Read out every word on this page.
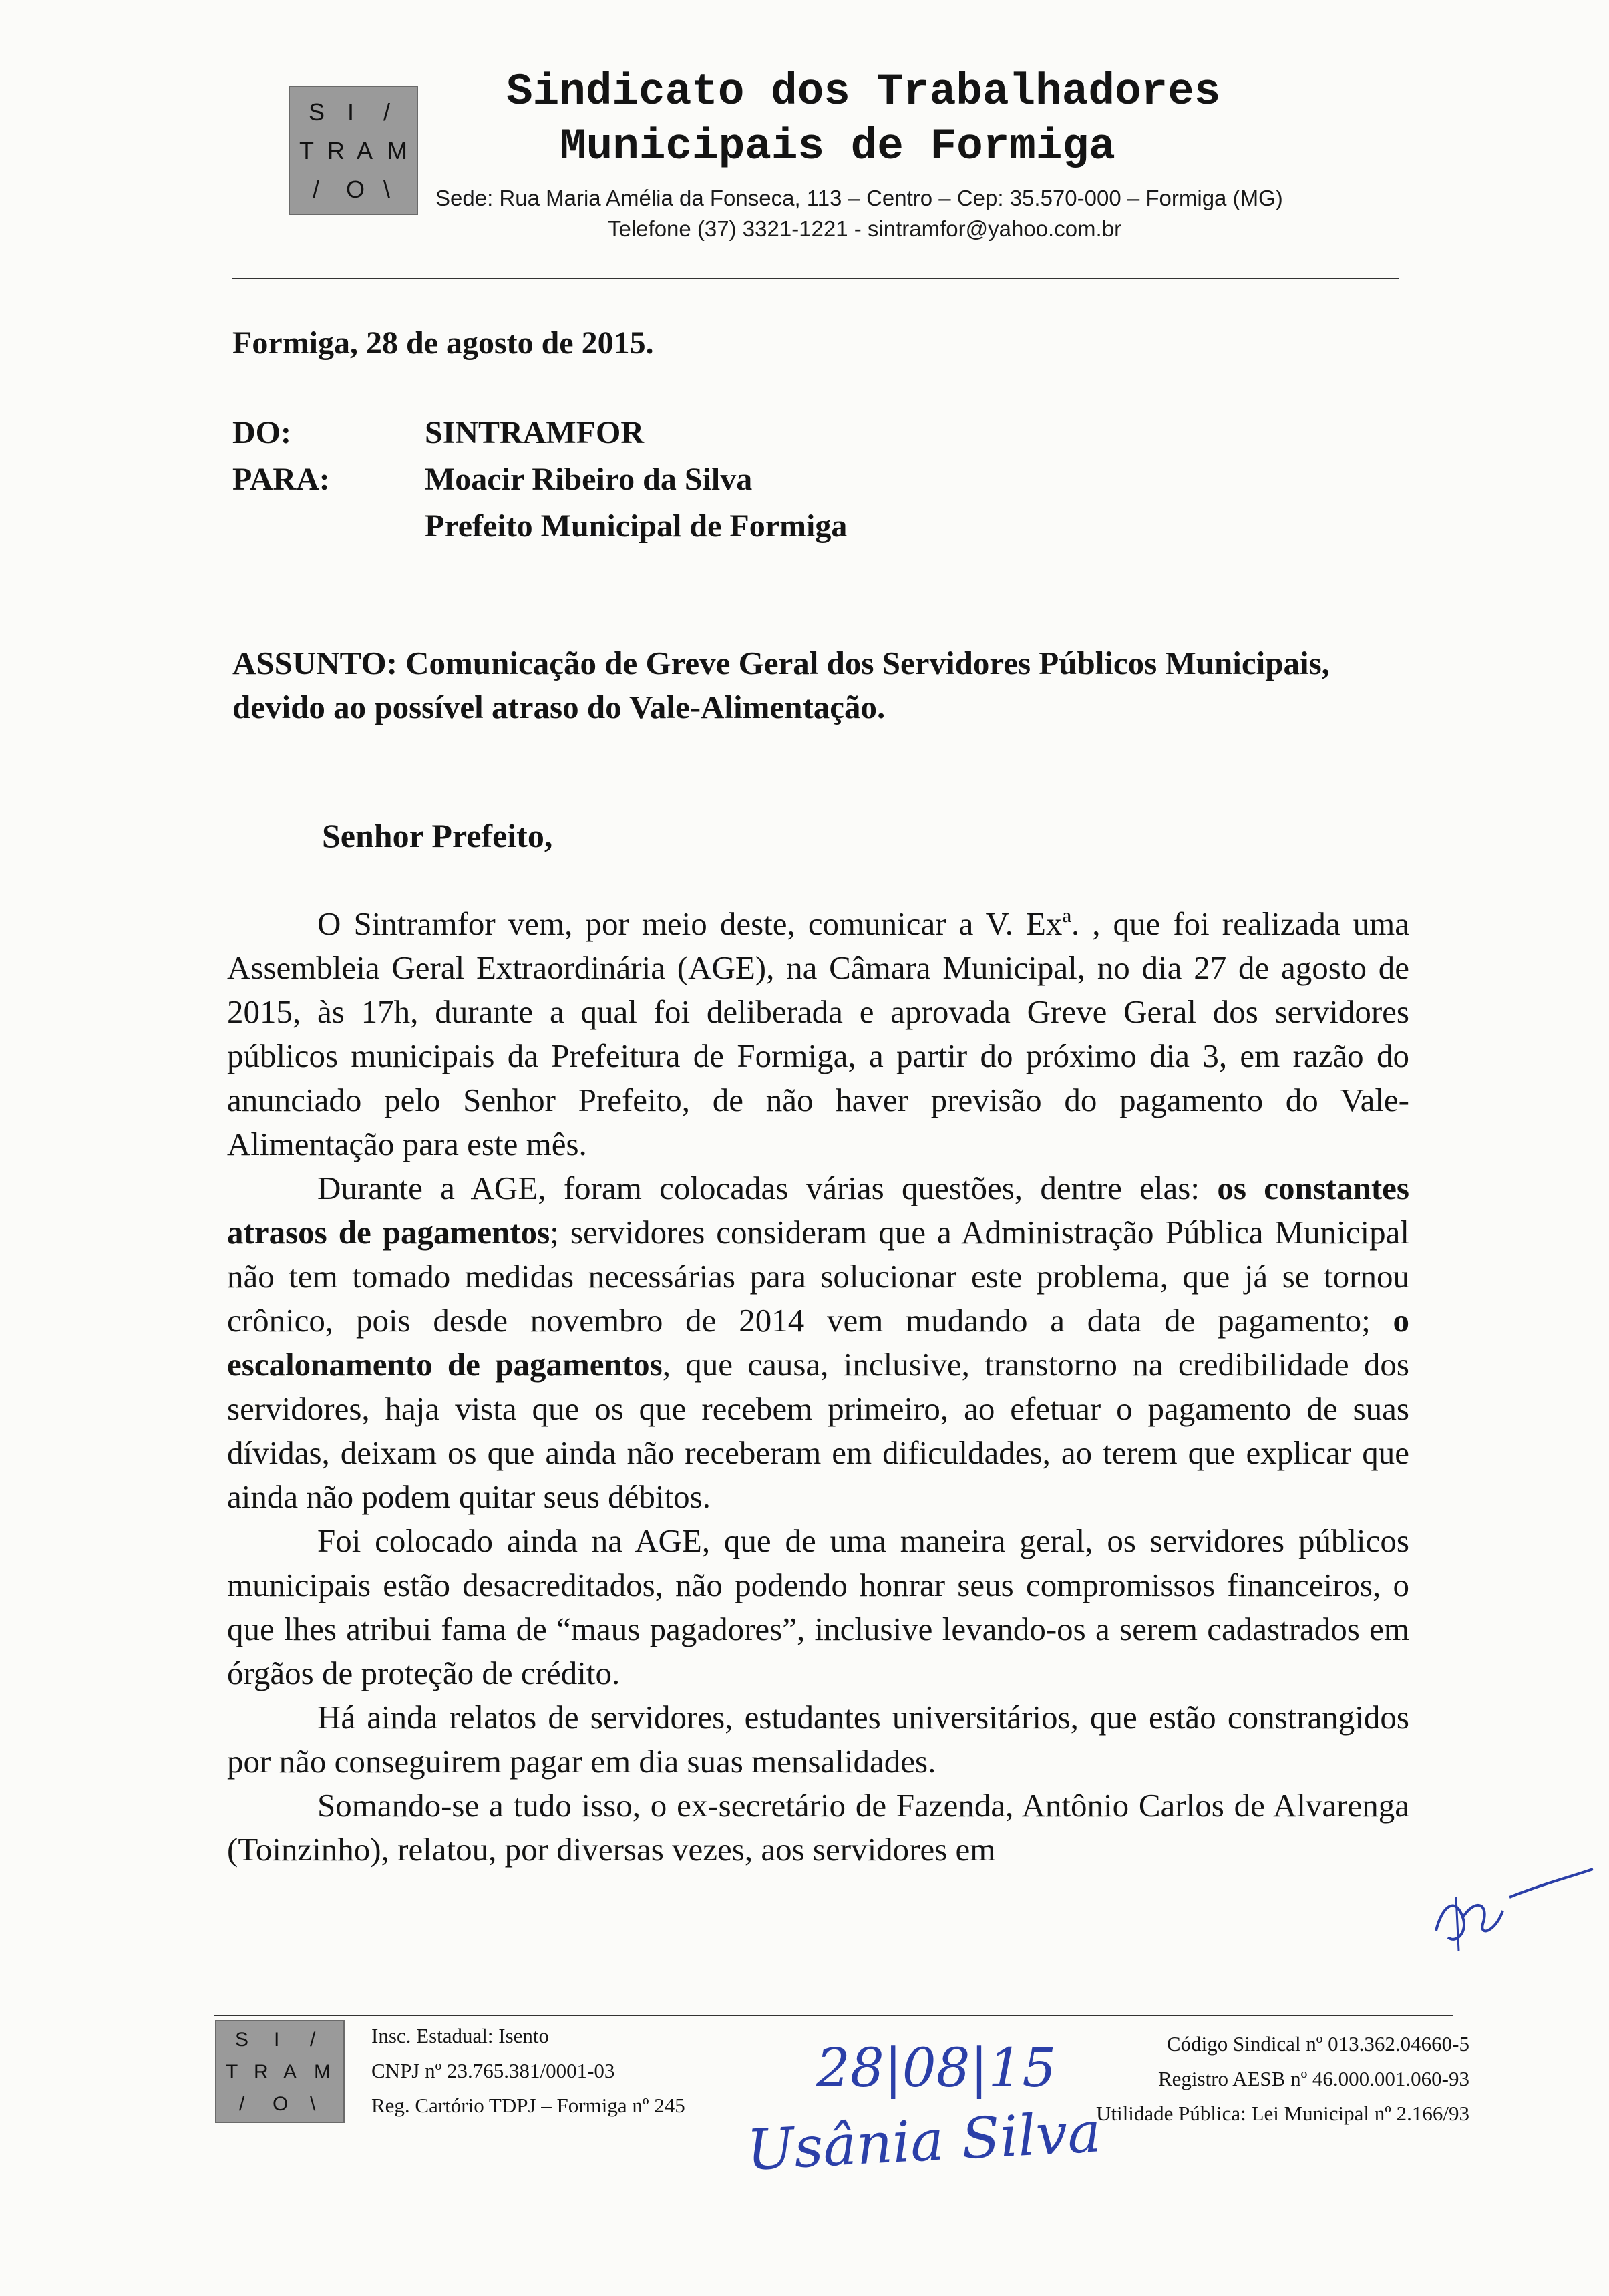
S I /
T R A M
/ O \
Sindicato dos Trabalhadores
Municipais de Formiga
Sede: Rua Maria Amélia da Fonseca, 113 – Centro – Cep: 35.570-000 – Formiga (MG)
Telefone (37) 3321-1221 - sintramfor@yahoo.com.br
Formiga, 28 de agosto de 2015.
DO:	SINTRAMFOR
PARA:	Moacir Ribeiro da Silva
Prefeito Municipal de Formiga
ASSUNTO: Comunicação de Greve Geral dos Servidores Públicos Municipais, devido ao possível atraso do Vale-Alimentação.
Senhor Prefeito,

O Sintramfor vem, por meio deste, comunicar a V. Exª. , que foi realizada uma Assembleia Geral Extraordinária (AGE), na Câmara Municipal, no dia 27 de agosto de 2015, às 17h, durante a qual foi deliberada e aprovada Greve Geral dos servidores públicos municipais da Prefeitura de Formiga, a partir do próximo dia 3, em razão do anunciado pelo Senhor Prefeito, de não haver previsão do pagamento do Vale-Alimentação para este mês.

Durante a AGE, foram colocadas várias questões, dentre elas: os constantes atrasos de pagamentos; servidores consideram que a Administração Pública Municipal não tem tomado medidas necessárias para solucionar este problema, que já se tornou crônico, pois desde novembro de 2014 vem mudando a data de pagamento; o escalonamento de pagamentos, que causa, inclusive, transtorno na credibilidade dos servidores, haja vista que os que recebem primeiro, ao efetuar o pagamento de suas dívidas, deixam os que ainda não receberam em dificuldades, ao terem que explicar que ainda não podem quitar seus débitos.

Foi colocado ainda na AGE, que de uma maneira geral, os servidores públicos municipais estão desacreditados, não podendo honrar seus compromissos financeiros, o que lhes atribui fama de “maus pagadores”, inclusive levando-os a serem cadastrados em órgãos de proteção de crédito.

Há ainda relatos de servidores, estudantes universitários, que estão constrangidos por não conseguirem pagar em dia suas mensalidades.

Somando-se a tudo isso, o ex-secretário de Fazenda, Antônio Carlos de Alvarenga (Toinzinho), relatou, por diversas vezes, aos servidores em

S I /
T R A M
/ O \
Insc. Estadual: Isento
CNPJ nº 23.765.381/0001-03
Reg. Cartório TDPJ – Formiga nº 245
Código Sindical nº 013.362.04660-5
Registro AESB nº 46.000.001.060-93
Utilidade Pública: Lei Municipal nº 2.166/93
28|08|15
Usânia Silva
